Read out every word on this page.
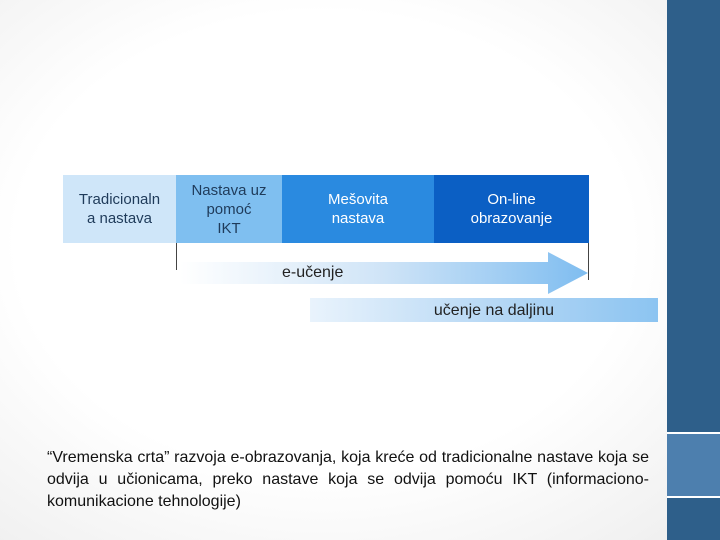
Tradicionaln
a nastava
Nastava uz
pomoć
IKT
Mešovita
nastava
On-line
obrazovanje
e-učenje
učenje na daljinu
“Vremenska crta” razvoja e-obrazovanja, koja kreće od tradicionalne nastave koja se odvija u učionicama, preko nastave koja se odvija pomoću IKT (informaciono-komunikacione tehnologije)
